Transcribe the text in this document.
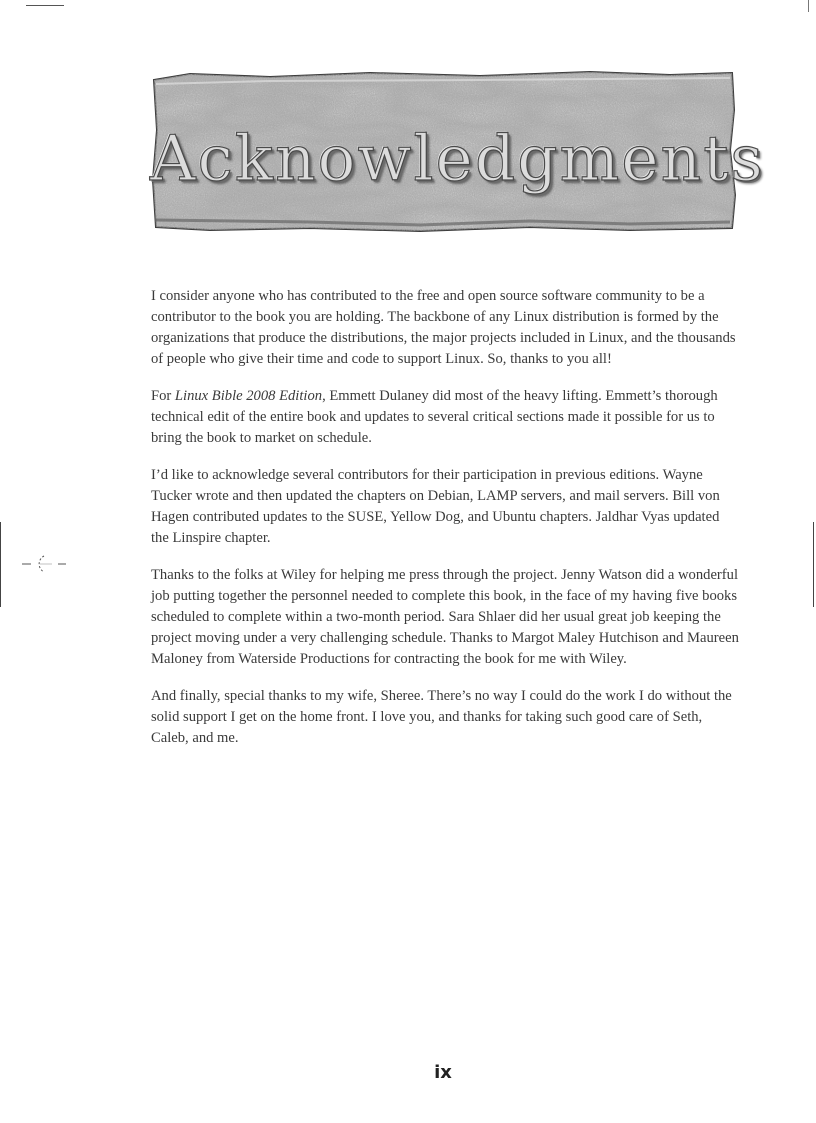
Acknowledgments

I consider anyone who has contributed to the free and open source software community to be a contributor to the book you are holding. The backbone of any Linux distribution is formed by the organizations that produce the distributions, the major projects included in Linux, and the thousands of people who give their time and code to support Linux. So, thanks to you all!

For Linux Bible 2008 Edition, Emmett Dulaney did most of the heavy lifting. Emmett’s thorough technical edit of the entire book and updates to several critical sections made it possible for us to bring the book to market on schedule.

I’d like to acknowledge several contributors for their participation in previous editions. Wayne Tucker wrote and then updated the chapters on Debian, LAMP servers, and mail servers. Bill von Hagen contributed updates to the SUSE, Yellow Dog, and Ubuntu chapters. Jaldhar Vyas updated the Linspire chapter.

Thanks to the folks at Wiley for helping me press through the project. Jenny Watson did a wonderful job putting together the personnel needed to complete this book, in the face of my having five books scheduled to complete within a two-month period. Sara Shlaer did her usual great job keeping the project moving under a very challenging schedule. Thanks to Margot Maley Hutchison and Maureen Maloney from Waterside Productions for contracting the book for me with Wiley.

And finally, special thanks to my wife, Sheree. There’s no way I could do the work I do without the solid support I get on the home front. I love you, and thanks for taking such good care of Seth, Caleb, and me.

ix
